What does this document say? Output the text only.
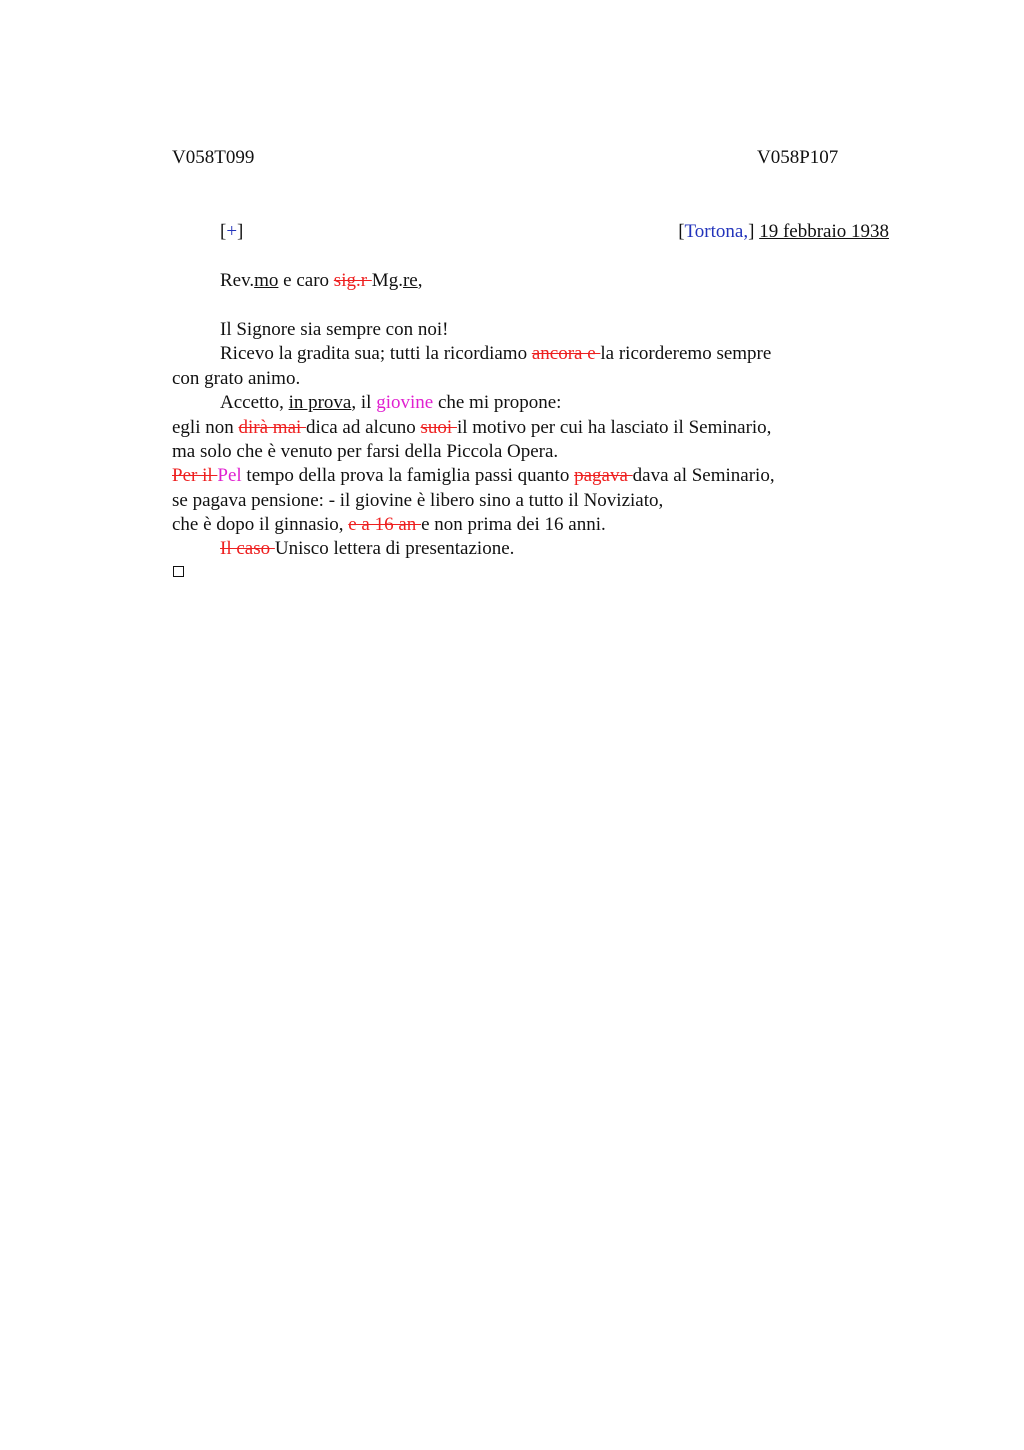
V058T099	V058P107
[+]	[Tortona,] 19 febbraio 1938
Rev.mo e caro sig.r Mg.re,
Il Signore sia sempre con noi!
Ricevo la gradita sua; tutti la ricordiamo ancora e la ricorderemo sempre
con grato animo.
Accetto, in prova, il giovine che mi propone:
egli non dirà mai dica ad alcuno suoi il motivo per cui ha lasciato il Seminario,
ma solo che è venuto per farsi della Piccola Opera.
Per il Pel tempo della prova la famiglia passi quanto pagava dava al Seminario,
se pagava pensione: - il giovine è libero sino a tutto il Noviziato,
che è dopo il ginnasio, e a 16 an e non prima dei 16 anni.
Il caso Unisco lettera di presentazione.
